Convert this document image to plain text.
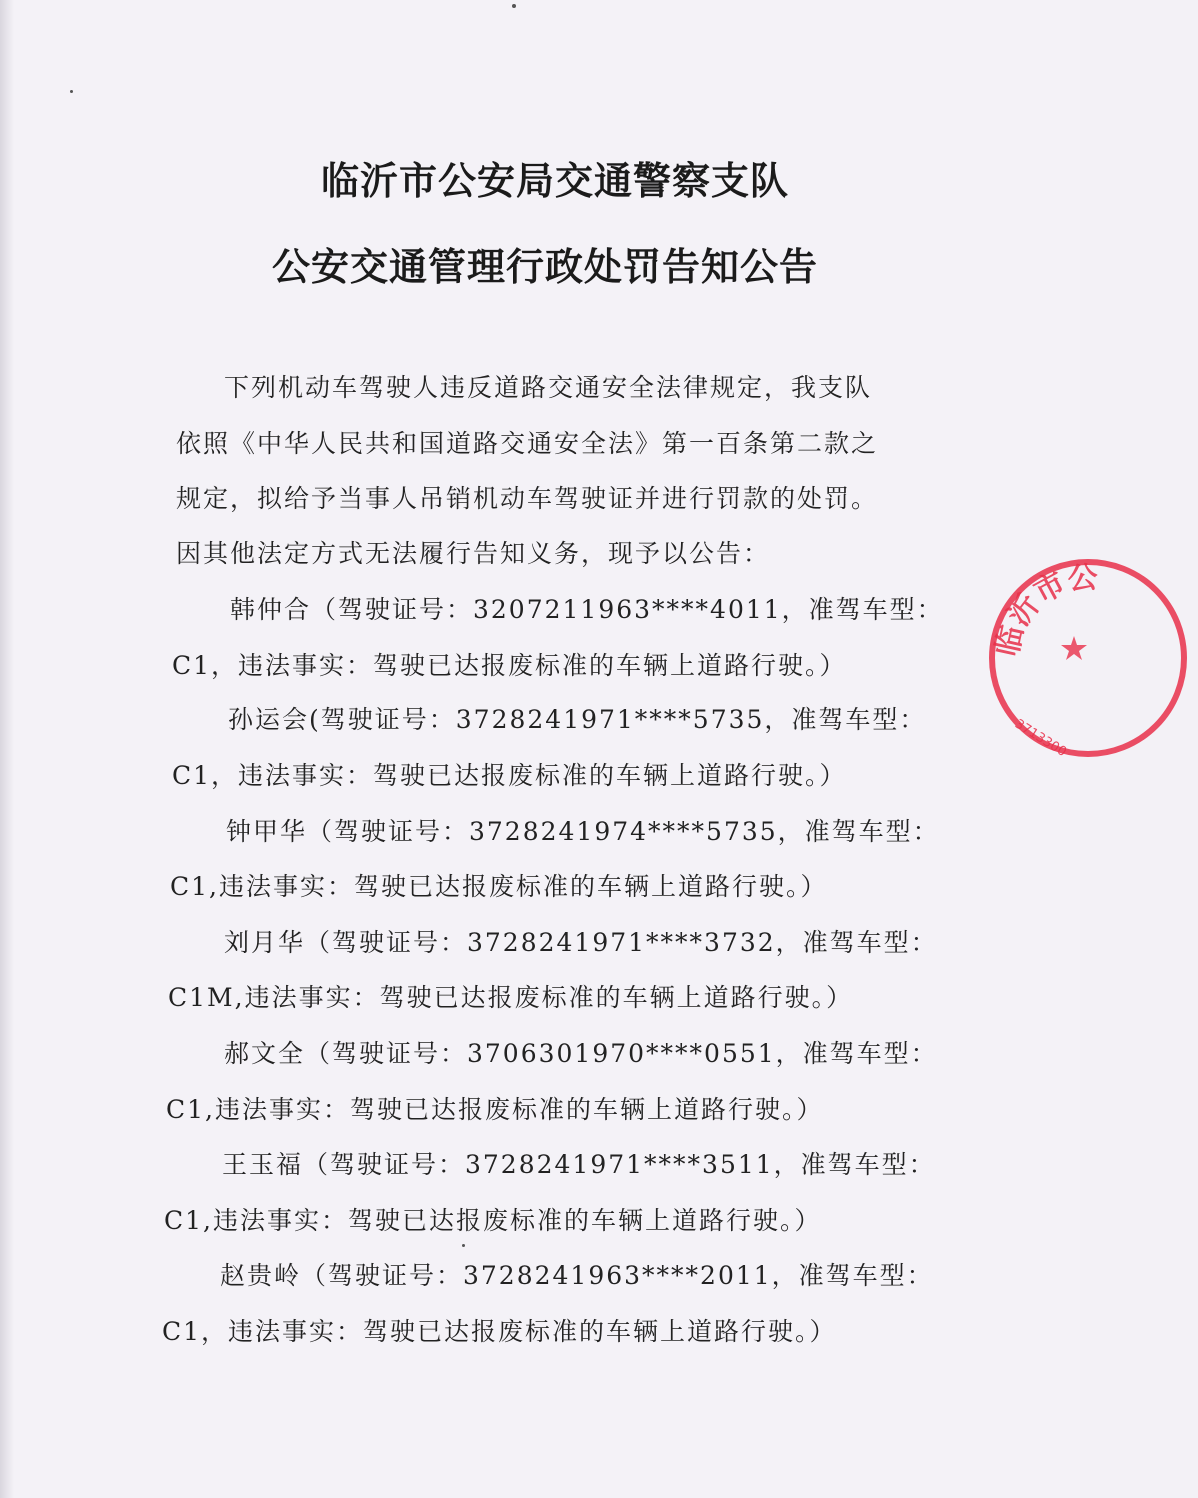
临沂市公安局交通警察支队
公安交通管理行政处罚告知公告
下列机动车驾驶人违反道路交通安全法律规定，我支队
依照《中华人民共和国道路交通安全法》第一百条第二款之
规定，拟给予当事人吊销机动车驾驶证并进行罚款的处罚。
因其他法定方式无法履行告知义务，现予以公告：
韩仲合（驾驶证号：3207211963****4011，准驾车型：
C1，违法事实：驾驶已达报废标准的车辆上道路行驶。）
孙运会(驾驶证号：3728241971****5735，准驾车型：
C1，违法事实：驾驶已达报废标准的车辆上道路行驶。）
钟甲华（驾驶证号：3728241974****5735，准驾车型：
C1,违法事实：驾驶已达报废标准的车辆上道路行驶。）
刘月华（驾驶证号：3728241971****3732，准驾车型：
C1M,违法事实：驾驶已达报废标准的车辆上道路行驶。）
郝文全（驾驶证号：3706301970****0551，准驾车型：
C1,违法事实：驾驶已达报废标准的车辆上道路行驶。）
王玉福（驾驶证号：3728241971****3511，准驾车型：
C1,违法事实：驾驶已达报废标准的车辆上道路行驶。）
赵贵岭（驾驶证号：3728241963****2011，准驾车型：
C1，违法事实：驾驶已达报废标准的车辆上道路行驶。）
临沂市公
3713300
